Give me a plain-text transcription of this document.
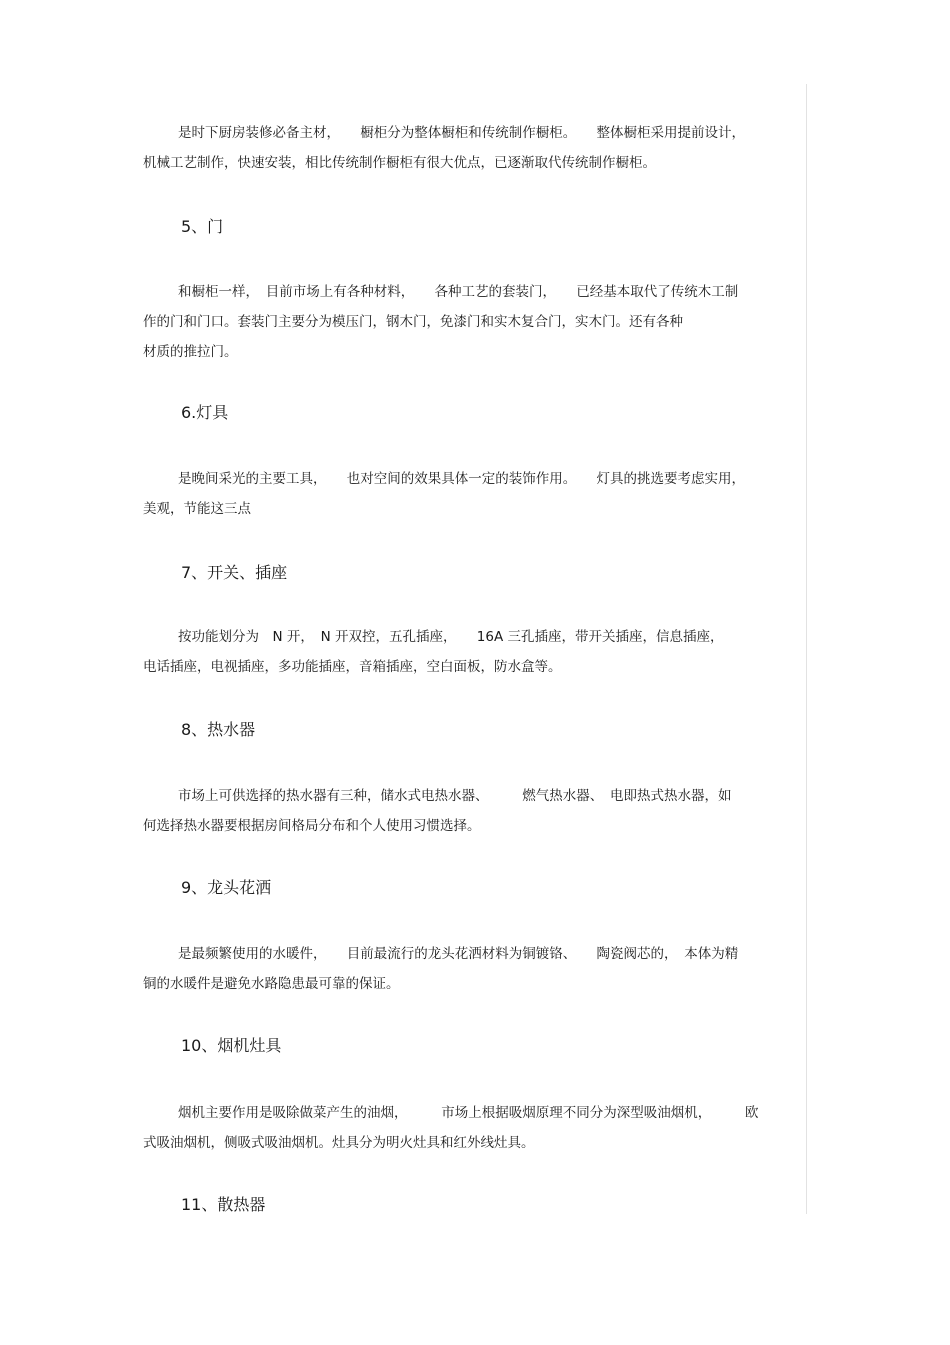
是时下厨房装修必备主材，　　橱柜分为整体橱柜和传统制作橱柜。　　整体橱柜采用提前设计，
机械工艺制作，快速安装，相比传统制作橱柜有很大优点，已逐渐取代传统制作橱柜。

5、门

和橱柜一样，　目前市场上有各种材料，　　各种工艺的套装门，　　已经基本取代了传统木工制
作的门和门口。套装门主要分为模压门，钢木门，免漆门和实木复合门，实木门。还有各种
材质的推拉门。

6.灯具

是晚间采光的主要工具，　　也对空间的效果具体一定的装饰作用。　　灯具的挑选要考虑实用，
美观，节能这三点

7、开关、插座

按功能划分为　N 开，　N 开双控，五孔插座，　　16A 三孔插座，带开关插座，信息插座，
电话插座，电视插座，多功能插座，音箱插座，空白面板，防水盒等。

8、热水器

市场上可供选择的热水器有三种，储水式电热水器、　　　燃气热水器、　电即热式热水器，如
何选择热水器要根据房间格局分布和个人使用习惯选择。

9、龙头花洒

是最频繁使用的水暖件，　　目前最流行的龙头花洒材料为铜镀铬、　　陶瓷阀芯的，　本体为精
铜的水暖件是避免水路隐患最可靠的保证。

10、烟机灶具

烟机主要作用是吸除做菜产生的油烟，　　　市场上根据吸烟原理不同分为深型吸油烟机，　　　欧
式吸油烟机，侧吸式吸油烟机。灶具分为明火灶具和红外线灶具。

11、散热器
